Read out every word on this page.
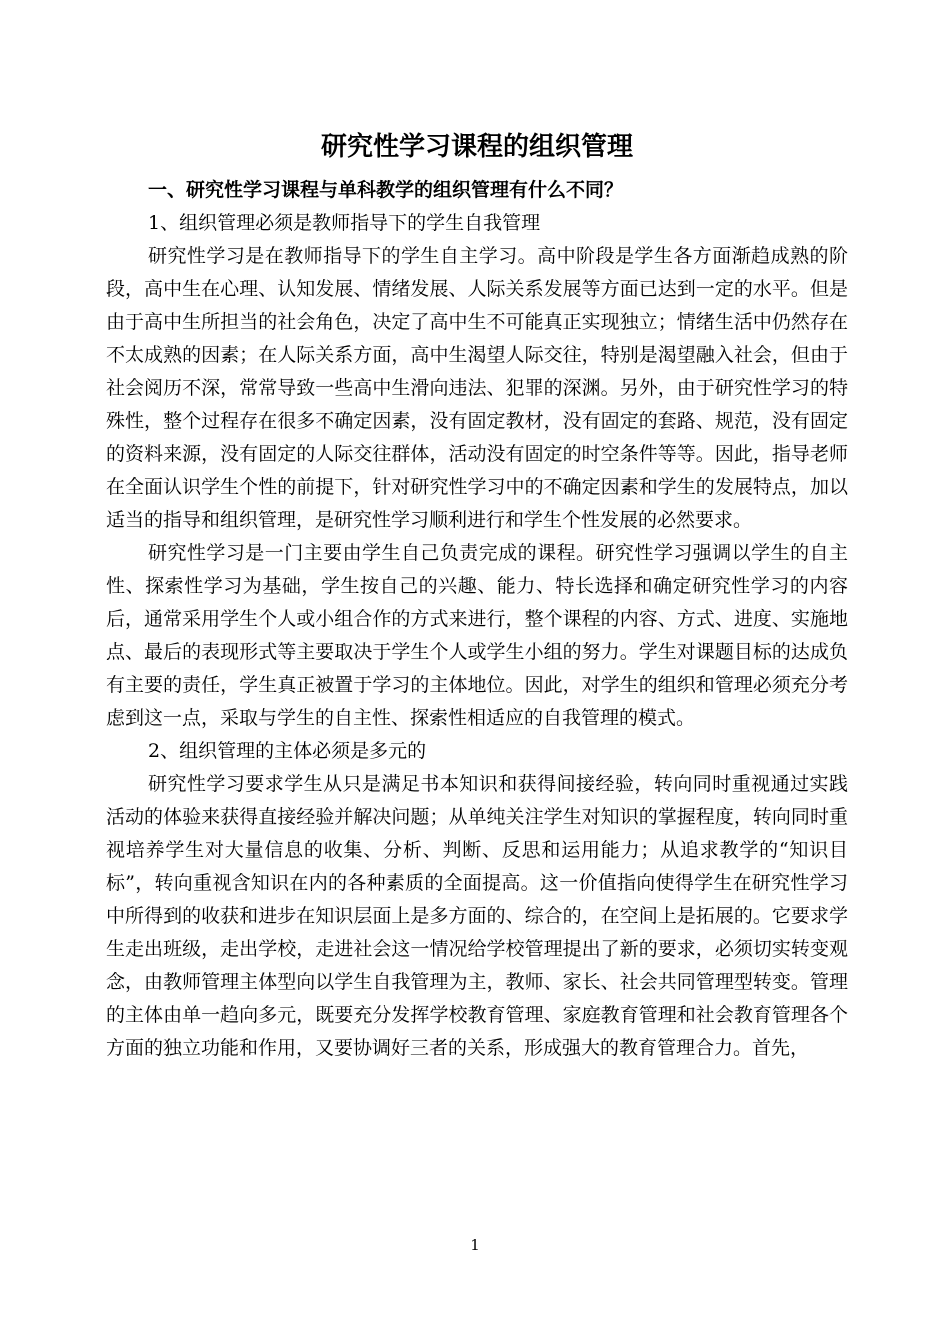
研究性学习课程的组织管理

一、研究性学习课程与单科教学的组织管理有什么不同？

1、组织管理必须是教师指导下的学生自我管理

研究性学习是在教师指导下的学生自主学习。高中阶段是学生各方面渐趋成熟的阶段，高中生在心理、认知发展、情绪发展、人际关系发展等方面已达到一定的水平。但是由于高中生所担当的社会角色，决定了高中生不可能真正实现独立；情绪生活中仍然存在不太成熟的因素；在人际关系方面，高中生渴望人际交往，特别是渴望融入社会，但由于社会阅历不深，常常导致一些高中生滑向违法、犯罪的深渊。另外，由于研究性学习的特殊性，整个过程存在很多不确定因素，没有固定教材，没有固定的套路、规范，没有固定的资料来源，没有固定的人际交往群体，活动没有固定的时空条件等等。因此，指导老师在全面认识学生个性的前提下，针对研究性学习中的不确定因素和学生的发展特点，加以适当的指导和组织管理，是研究性学习顺利进行和学生个性发展的必然要求。

研究性学习是一门主要由学生自己负责完成的课程。研究性学习强调以学生的自主性、探索性学习为基础，学生按自己的兴趣、能力、特长选择和确定研究性学习的内容后，通常采用学生个人或小组合作的方式来进行，整个课程的内容、方式、进度、实施地点、最后的表现形式等主要取决于学生个人或学生小组的努力。学生对课题目标的达成负有主要的责任，学生真正被置于学习的主体地位。因此，对学生的组织和管理必须充分考虑到这一点，采取与学生的自主性、探索性相适应的自我管理的模式。

2、组织管理的主体必须是多元的

研究性学习要求学生从只是满足书本知识和获得间接经验，转向同时重视通过实践活动的体验来获得直接经验并解决问题；从单纯关注学生对知识的掌握程度，转向同时重视培养学生对大量信息的收集、分析、判断、反思和运用能力；从追求教学的“知识目标”，转向重视含知识在内的各种素质的全面提高。这一价值指向使得学生在研究性学习中所得到的收获和进步在知识层面上是多方面的、综合的，在空间上是拓展的。它要求学生走出班级，走出学校，走进社会这一情况给学校管理提出了新的要求，必须切实转变观念，由教师管理主体型向以学生自我管理为主，教师、家长、社会共同管理型转变。管理的主体由单一趋向多元，既要充分发挥学校教育管理、家庭教育管理和社会教育管理各个方面的独立功能和作用，又要协调好三者的关系，形成强大的教育管理合力。首先，

1
